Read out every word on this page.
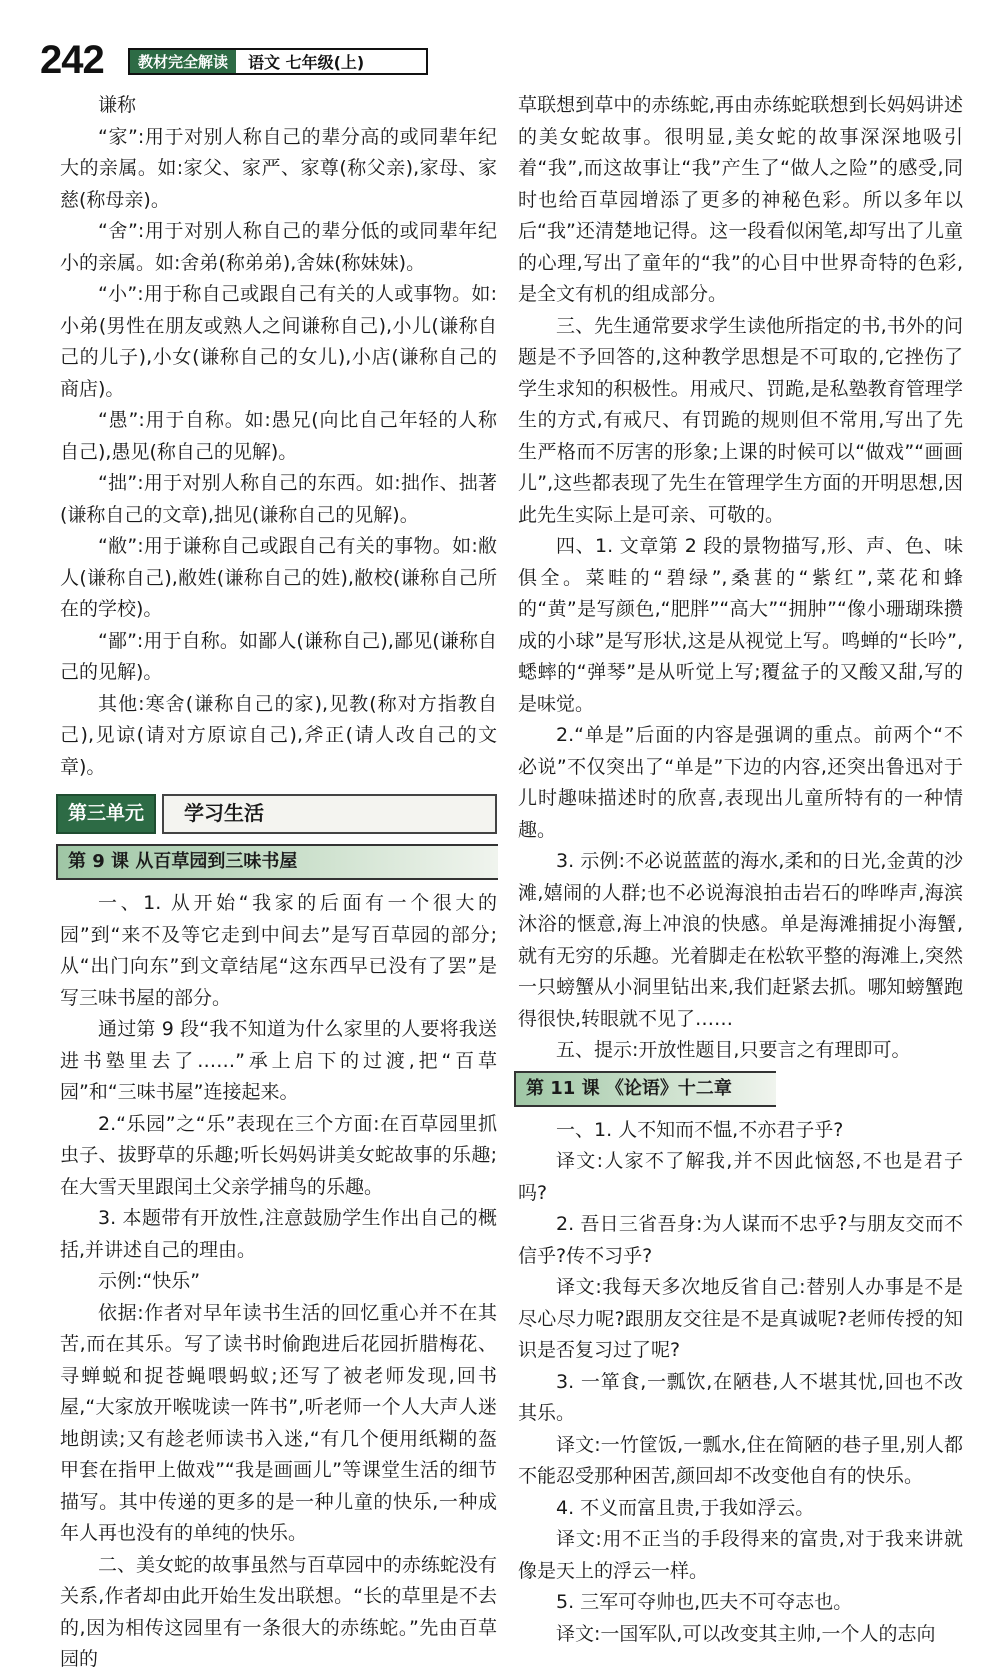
242	教材完全解读	语文 七年级(上)

谦称

“家”:用于对别人称自己的辈分高的或同辈年纪大的亲属。如:家父、家严、家尊(称父亲),家母、家慈(称母亲)。

“舍”:用于对别人称自己的辈分低的或同辈年纪小的亲属。如:舍弟(称弟弟),舍妹(称妹妹)。

“小”:用于称自己或跟自己有关的人或事物。如:小弟(男性在朋友或熟人之间谦称自己),小儿(谦称自己的儿子),小女(谦称自己的女儿),小店(谦称自己的商店)。

“愚”:用于自称。如:愚兄(向比自己年轻的人称自己),愚见(称自己的见解)。

“拙”:用于对别人称自己的东西。如:拙作、拙著(谦称自己的文章),拙见(谦称自己的见解)。

“敝”:用于谦称自己或跟自己有关的事物。如:敝人(谦称自己),敝姓(谦称自己的姓),敝校(谦称自己所在的学校)。

“鄙”:用于自称。如鄙人(谦称自己),鄙见(谦称自己的见解)。

其他:寒舍(谦称自己的家),见教(称对方指教自己),见谅(请对方原谅自己),斧正(请人改自己的文章)。

第三单元	学习生活
第 9 课 从百草园到三味书屋

一、1. 从开始“我家的后面有一个很大的园”到“来不及等它走到中间去”是写百草园的部分;从“出门向东”到文章结尾“这东西早已没有了罢”是写三味书屋的部分。

通过第 9 段“我不知道为什么家里的人要将我送进书塾里去了……”承上启下的过渡,把“百草园”和“三味书屋”连接起来。

2.“乐园”之“乐”表现在三个方面:在百草园里抓虫子、拔野草的乐趣;听长妈妈讲美女蛇故事的乐趣;在大雪天里跟闰土父亲学捕鸟的乐趣。

3. 本题带有开放性,注意鼓励学生作出自己的概括,并讲述自己的理由。

示例:“快乐”

依据:作者对早年读书生活的回忆重心并不在其苦,而在其乐。写了读书时偷跑进后花园折腊梅花、寻蝉蜕和捉苍蝇喂蚂蚁;还写了被老师发现,回书屋,“大家放开喉咙读一阵书”,听老师一个人大声人迷地朗读;又有趁老师读书入迷,“有几个便用纸糊的盔甲套在指甲上做戏”“我是画画儿”等课堂生活的细节描写。其中传递的更多的是一种儿童的快乐,一种成年人再也没有的单纯的快乐。

二、美女蛇的故事虽然与百草园中的赤练蛇没有关系,作者却由此开始生发出联想。“长的草里是不去的,因为相传这园里有一条很大的赤练蛇。”先由百草园的

草联想到草中的赤练蛇,再由赤练蛇联想到长妈妈讲述的美女蛇故事。很明显,美女蛇的故事深深地吸引着“我”,而这故事让“我”产生了“做人之险”的感受,同时也给百草园增添了更多的神秘色彩。所以多年以后“我”还清楚地记得。这一段看似闲笔,却写出了儿童的心理,写出了童年的“我”的心目中世界奇特的色彩,是全文有机的组成部分。

三、先生通常要求学生读他所指定的书,书外的问题是不予回答的,这种教学思想是不可取的,它挫伤了学生求知的积极性。用戒尺、罚跪,是私塾教育管理学生的方式,有戒尺、有罚跪的规则但不常用,写出了先生严格而不厉害的形象;上课的时候可以“做戏”“画画儿”,这些都表现了先生在管理学生方面的开明思想,因此先生实际上是可亲、可敬的。

四、1. 文章第 2 段的景物描写,形、声、色、味俱全。菜畦的“碧绿”,桑葚的“紫红”,菜花和蜂的“黄”是写颜色,“肥胖”“高大”“拥肿”“像小珊瑚珠攒成的小球”是写形状,这是从视觉上写。鸣蝉的“长吟”,蟋蟀的“弹琴”是从听觉上写;覆盆子的又酸又甜,写的是味觉。

2.“单是”后面的内容是强调的重点。前两个“不必说”不仅突出了“单是”下边的内容,还突出鲁迅对于儿时趣味描述时的欣喜,表现出儿童所特有的一种情趣。

3. 示例:不必说蓝蓝的海水,柔和的日光,金黄的沙滩,嬉闹的人群;也不必说海浪拍击岩石的哗哗声,海滨沐浴的惬意,海上冲浪的快感。单是海滩捕捉小海蟹,就有无穷的乐趣。光着脚走在松软平整的海滩上,突然一只螃蟹从小洞里钻出来,我们赶紧去抓。哪知螃蟹跑得很快,转眼就不见了……

五、提示:开放性题目,只要言之有理即可。

第 11 课 《论语》十二章

一、1. 人不知而不愠,不亦君子乎?

译文:人家不了解我,并不因此恼怒,不也是君子吗?

2. 吾日三省吾身:为人谋而不忠乎?与朋友交而不信乎?传不习乎?

译文:我每天多次地反省自己:替别人办事是不是尽心尽力呢?跟朋友交往是不是真诚呢?老师传授的知识是否复习过了呢?

3. 一箪食,一瓢饮,在陋巷,人不堪其忧,回也不改其乐。

译文:一竹筐饭,一瓢水,住在简陋的巷子里,别人都不能忍受那种困苦,颜回却不改变他自有的快乐。

4. 不义而富且贵,于我如浮云。

译文:用不正当的手段得来的富贵,对于我来讲就像是天上的浮云一样。

5. 三军可夺帅也,匹夫不可夺志也。

译文:一国军队,可以改变其主帅,一个人的志向
